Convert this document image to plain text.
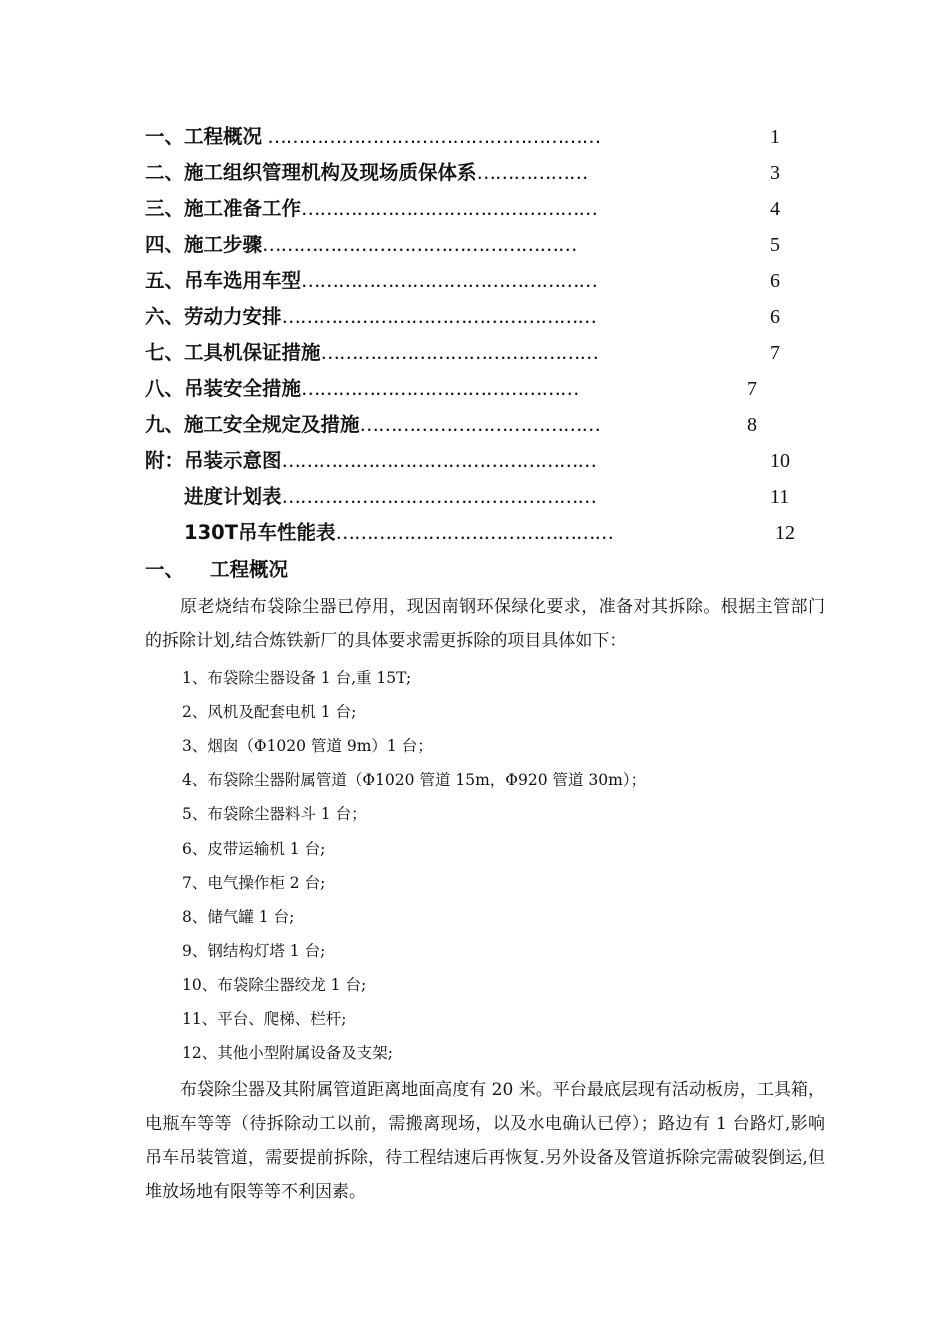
一、工程概况 ………………………………………………	1
二、施工组织管理机构及现场质保体系………………	3
三、施工准备工作…………………………………………	4
四、施工步骤……………………………………………	5
五、吊车选用车型…………………………………………	6
六、劳动力安排……………………………………………	6
七、工具机保证措施………………………………………	7
八、吊装安全措施………………………………………	7
九、施工安全规定及措施…………………………………	8
附：吊装示意图……………………………………………	10
　　进度计划表……………………………………………	11
　　130T吊车性能表………………………………………	12
一、 工程概况

原老烧结布袋除尘器已停用，现因南钢环保绿化要求，准备对其拆除。根据主管部门的拆除计划,结合炼铁新厂的具体要求需更拆除的项目具体如下：

1、布袋除尘器设备 1 台,重 15T;
2、风机及配套电机 1 台;
3、烟囱（Φ1020 管道 9m）1 台；
4、布袋除尘器附属管道（Φ1020 管道 15m，Φ920 管道 30m）；
5、布袋除尘器料斗 1 台；
6、皮带运输机 1 台;
7、电气操作柜 2 台;
8、储气罐 1 台;
9、钢结构灯塔 1 台;
10、布袋除尘器绞龙 1 台;
11、平台、爬梯、栏杆;
12、其他小型附属设备及支架;

布袋除尘器及其附属管道距离地面高度有 20 米。平台最底层现有活动板房，工具箱，电瓶车等等（待拆除动工以前，需搬离现场，以及水电确认已停）；路边有 1 台路灯,影响吊车吊装管道，需要提前拆除，待工程结速后再恢复.另外设备及管道拆除完需破裂倒运,但堆放场地有限等等不利因素。
